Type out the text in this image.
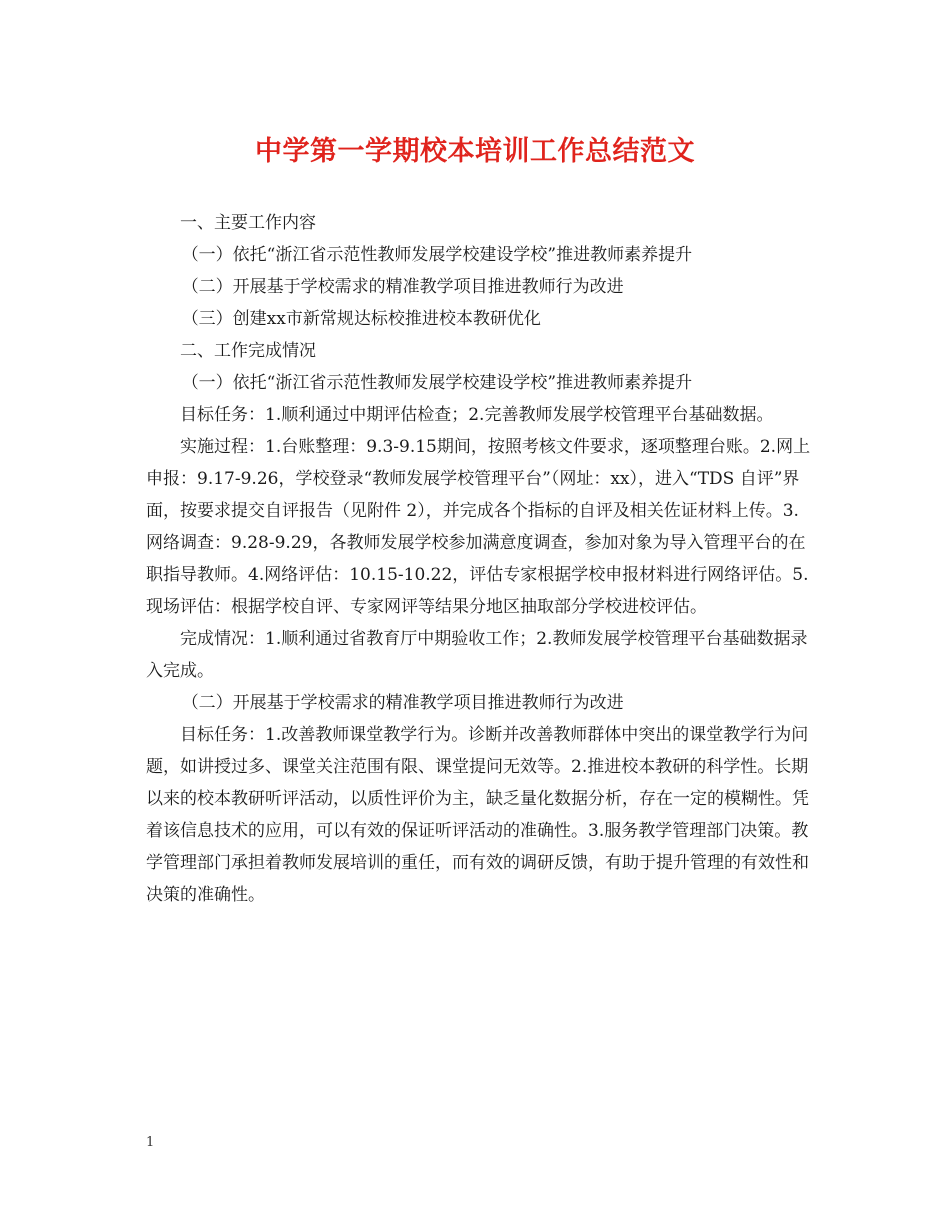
中学第一学期校本培训工作总结范文

一、主要工作内容

（一）依托“浙江省示范性教师发展学校建设学校”推进教师素养提升

（二）开展基于学校需求的精准教学项目推进教师行为改进

（三）创建xx市新常规达标校推进校本教研优化

二、工作完成情况

（一）依托“浙江省示范性教师发展学校建设学校”推进教师素养提升

目标任务：1.顺利通过中期评估检查；2.完善教师发展学校管理平台基础数据。

实施过程：1.台账整理：9.3-9.15期间，按照考核文件要求，逐项整理台账。2.网上申报：9.17-9.26，学校登录“教师发展学校管理平台”（网址：xx），进入“TDS 自评”界面，按要求提交自评报告（见附件 2），并完成各个指标的自评及相关佐证材料上传。3.网络调查：9.28-9.29，各教师发展学校参加满意度调查，参加对象为导入管理平台的在职指导教师。4.网络评估：10.15-10.22，评估专家根据学校申报材料进行网络评估。5.现场评估：根据学校自评、专家网评等结果分地区抽取部分学校进校评估。

完成情况：1.顺利通过省教育厅中期验收工作；2.教师发展学校管理平台基础数据录入完成。

（二）开展基于学校需求的精准教学项目推进教师行为改进

目标任务：1.改善教师课堂教学行为。诊断并改善教师群体中突出的课堂教学行为问题，如讲授过多、课堂关注范围有限、课堂提问无效等。2.推进校本教研的科学性。长期以来的校本教研听评活动，以质性评价为主，缺乏量化数据分析，存在一定的模糊性。凭着该信息技术的应用，可以有效的保证听评活动的准确性。3.服务教学管理部门决策。教学管理部门承担着教师发展培训的重任，而有效的调研反馈，有助于提升管理的有效性和决策的准确性。

1
